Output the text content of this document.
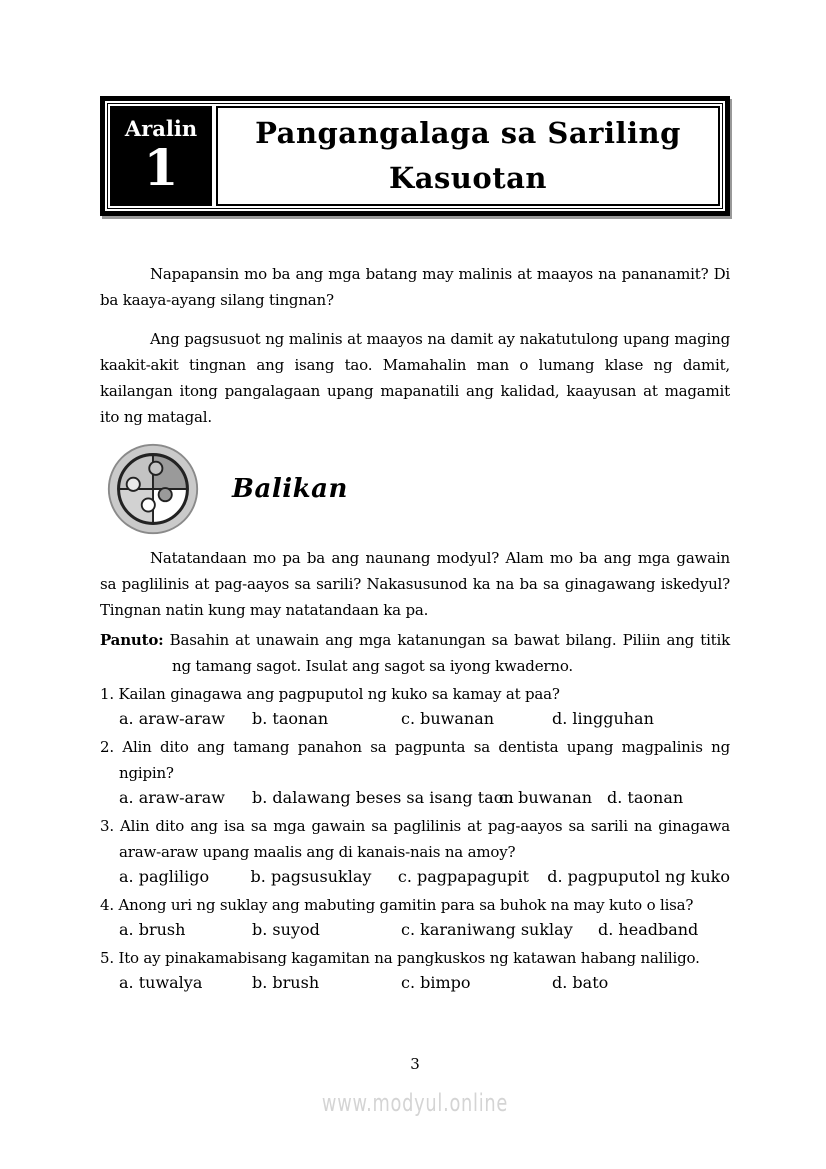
Aralin
1
Pangangalaga sa Sariling Kasuotan

Napapansin mo ba ang mga batang may malinis at maayos na pananamit? Di
ba kaaya-ayang silang tingnan?

Ang pagsusuot ng malinis at maayos na damit ay nakatutulong upang maging
kaakit-akit tingnan ang isang tao. Mamahalin man o lumang klase ng damit,
kailangan itong pangalagaan upang mapanatili ang kalidad, kaayusan at magamit
ito ng matagal.

Balikan

Natatandaan mo pa ba ang naunang modyul? Alam mo ba ang mga gawain
sa paglilinis at pag-aayos sa sarili? Nakasusunod ka na ba sa ginagawang iskedyul?
Tingnan natin kung may natatandaan ka pa.

Panuto: Basahin at unawain ang mga katanungan sa bawat bilang. Piliin ang titik
ng tamang sagot. Isulat ang sagot sa iyong kwaderno.
1. Kailan ginagawa ang pagpuputol ng kuko sa kamay at paa?
a. araw-araw	b. taonan	c. buwanan	d. lingguhan
2. Alin dito ang tamang panahon sa pagpunta sa dentista upang magpalinis ng
ngipin?
a. araw-araw	b. dalawang beses sa isang taon
c. buwanan d. taonan
3. Alin dito ang isa sa mga gawain sa paglilinis at pag-aayos sa sarili na ginagawa
araw-araw upang maalis ang di kanais-nais na amoy?
a. pagliligo	b. pagsusuklay	c. pagpapagupit	d. pagpuputol ng kuko
4. Anong uri ng suklay ang mabuting gamitin para sa buhok na may kuto o lisa?
a. brush	b. suyod	c. karaniwang suklay	d. headband
5. Ito ay pinakamabisang kagamitan na pangkuskos ng katawan habang naliligo.
a. tuwalya	b. brush	c. bimpo	d. bato
3
www.modyul.online
